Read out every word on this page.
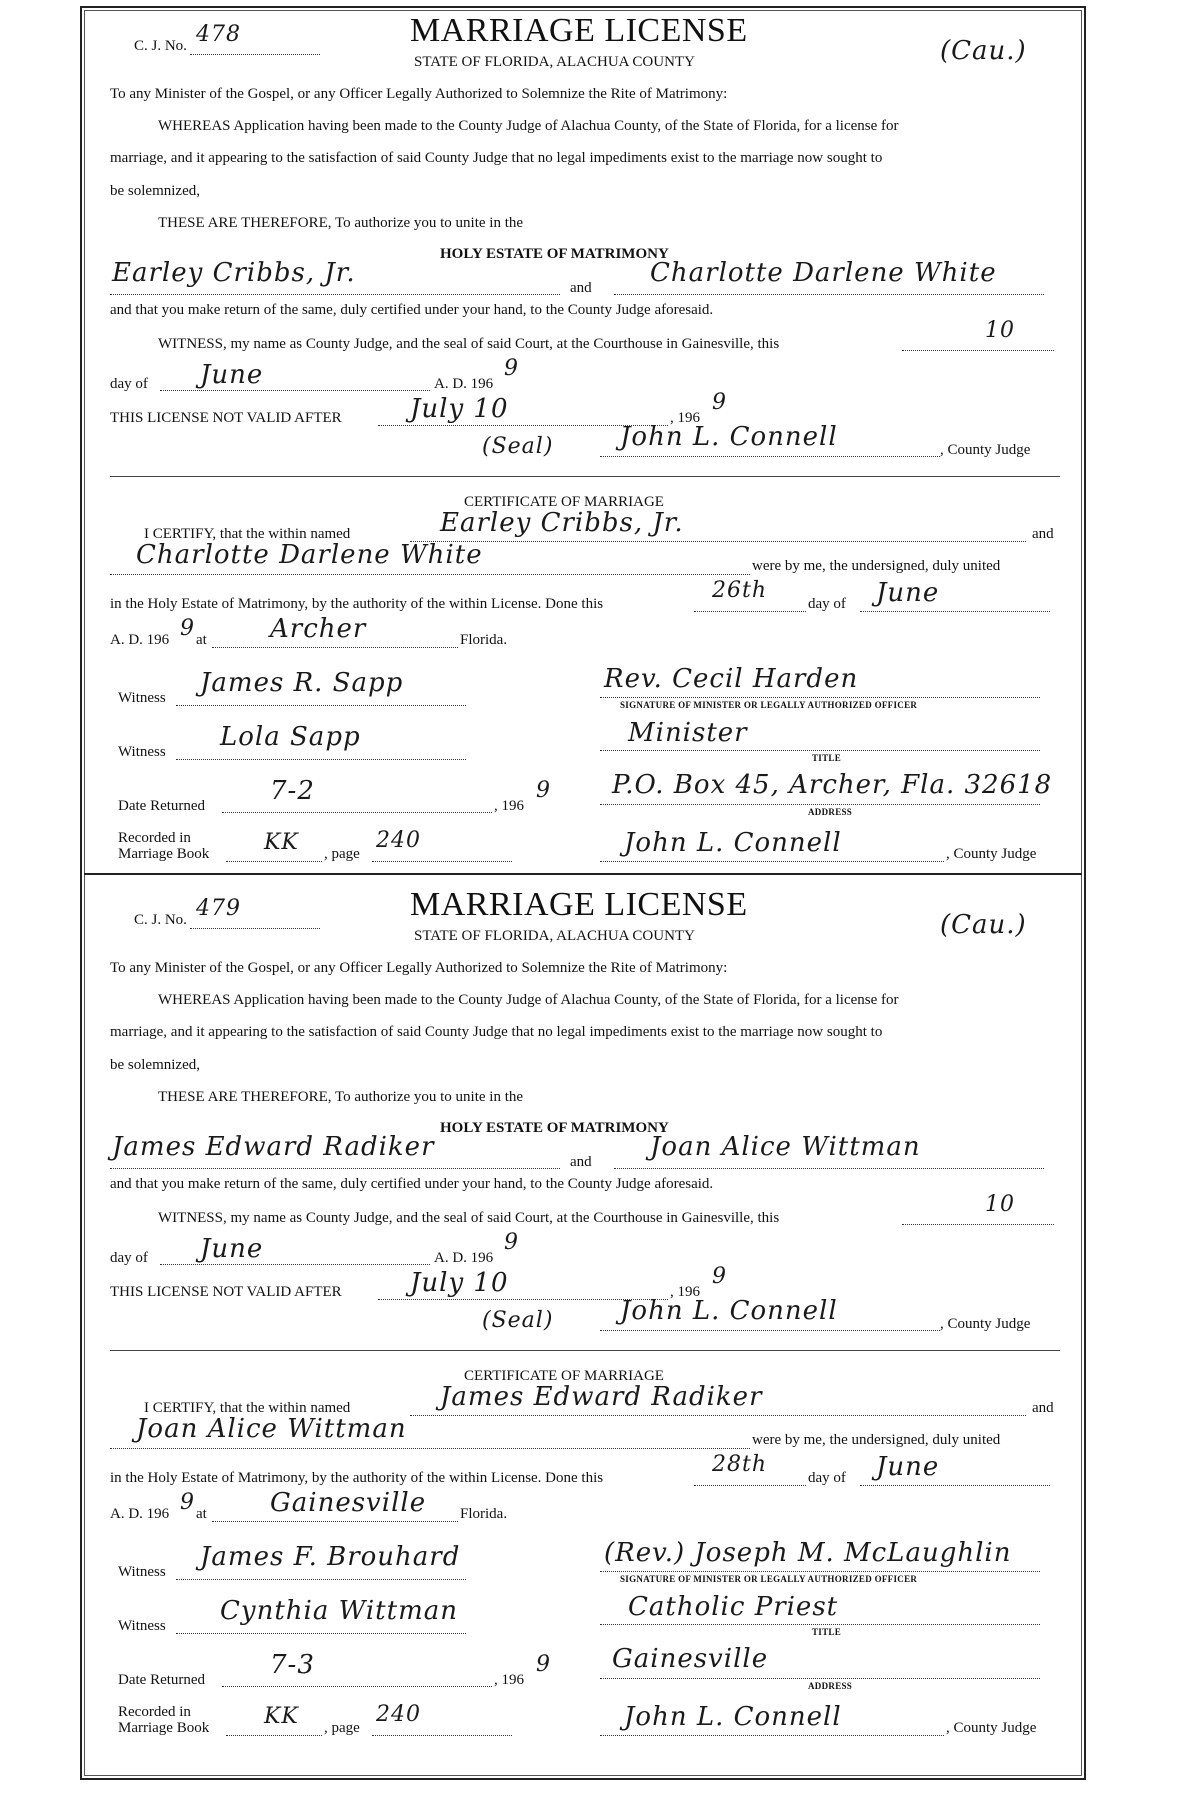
C. J. No. 478	MARRIAGE LICENSE
STATE OF FLORIDA, ALACHUA COUNTY	(Cau.)
To any Minister of the Gospel, or any Officer Legally Authorized to Solemnize the Rite of Matrimony:
WHEREAS Application having been made to the County Judge of Alachua County, of the State of Florida, for a license for
marriage, and it appearing to the satisfaction of said County Judge that no legal impediments exist to the marriage now sought to
be solemnized,
THESE ARE THEREFORE, To authorize you to unite in the
HOLY ESTATE OF MATRIMONY
Earley Cribbs, Jr.	and Charlotte Darlene White
and that you make return of the same, duly certified under your hand, to the County Judge aforesaid.
WITNESS, my name as County Judge, and the seal of said Court, at the Courthouse in Gainesville, this
10
day of June	A. D. 196
9
THIS LICENSE NOT VALID AFTER	July 10	, 196
9
(Seal)	John L. Connell	, County Judge
CERTIFICATE OF MARRIAGE
I CERTIFY, that the within named	Earley Cribbs, Jr.	and
Charlotte Darlene White	were by me, the undersigned, duly united
in the Holy Estate of Matrimony, by the authority of the within License. Done this
26th
day of June
A. D. 196 9 at Archer	Florida.
Witness James R. Sapp	Rev. Cecil Harden
SIGNATURE OF MINISTER OR LEGALLY AUTHORIZED OFFICER
Witness Lola Sapp	Minister
TITLE
Date Returned 7-2	, 196
9 P.O. Box 45, Archer, Fla. 32618
ADDRESS
Recorded in
Marriage Book KK , page
240	John L. Connell	, County Judge
C. J. No. 479	MARRIAGE LICENSE
STATE OF FLORIDA, ALACHUA COUNTY	(Cau.)
To any Minister of the Gospel, or any Officer Legally Authorized to Solemnize the Rite of Matrimony:
WHEREAS Application having been made to the County Judge of Alachua County, of the State of Florida, for a license for
marriage, and it appearing to the satisfaction of said County Judge that no legal impediments exist to the marriage now sought to
be solemnized,
THESE ARE THEREFORE, To authorize you to unite in the
HOLY ESTATE OF MATRIMONY
James Edward Radiker	and Joan Alice Wittman
and that you make return of the same, duly certified under your hand, to the County Judge aforesaid.
WITNESS, my name as County Judge, and the seal of said Court, at the Courthouse in Gainesville, this
10
day of June	A. D. 196
9
THIS LICENSE NOT VALID AFTER	July 10	, 196
9
(Seal)	John L. Connell	, County Judge
CERTIFICATE OF MARRIAGE
I CERTIFY, that the within named	James Edward Radiker	and
Joan Alice Wittman	were by me, the undersigned, duly united
in the Holy Estate of Matrimony, by the authority of the within License. Done this
28th
day of June
A. D. 196 9 at Gainesville Florida.
Witness James F. Brouhard	(Rev.) Joseph M. McLaughlin
SIGNATURE OF MINISTER OR LEGALLY AUTHORIZED OFFICER
Witness Cynthia Wittman	Catholic Priest
TITLE
Date Returned 7-3	, 196
9 Gainesville
ADDRESS
Recorded in
Marriage Book KK , page
240	John L. Connell	, County Judge
